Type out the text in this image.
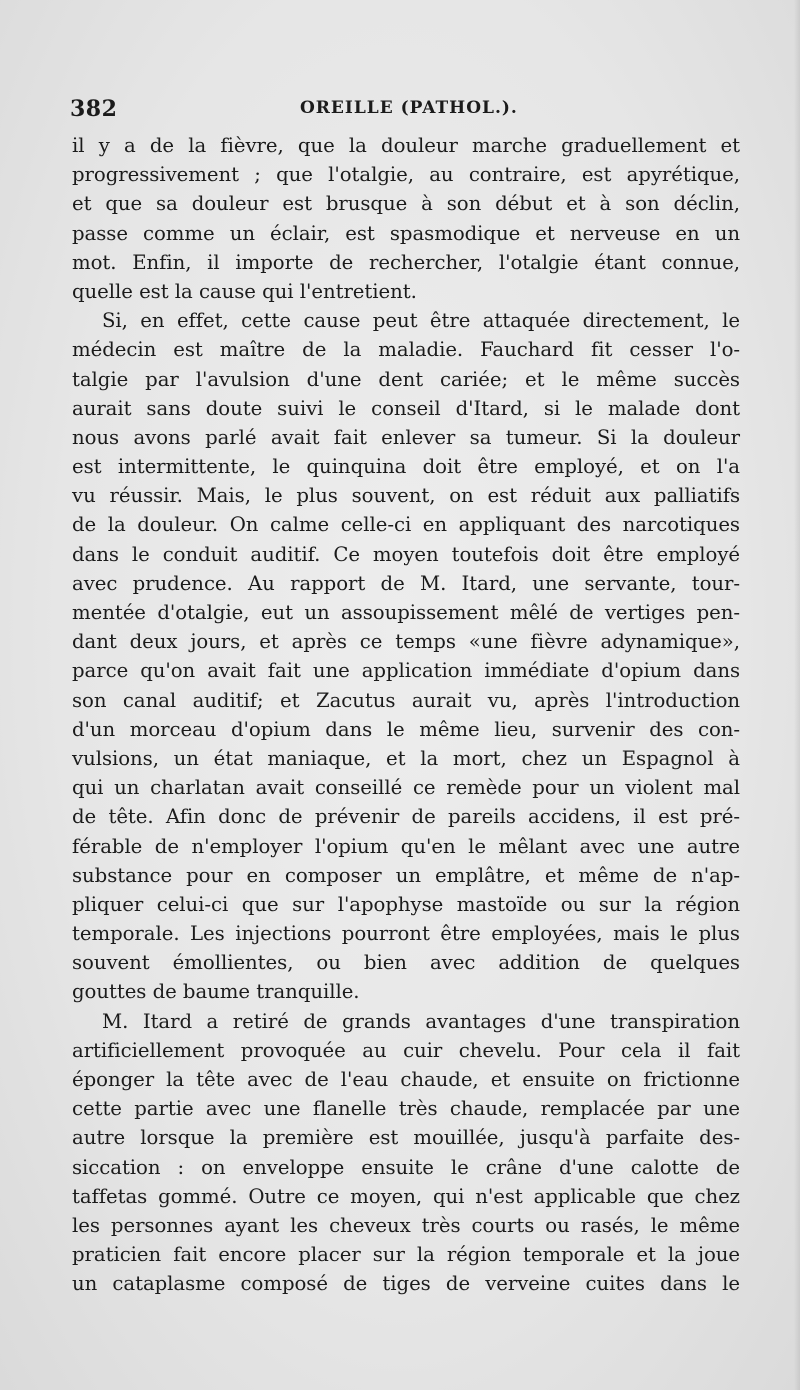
382	OREILLE (PATHOL.).
il y a de la fièvre, que la douleur marche graduellement et
progressivement ; que l'otalgie, au contraire, est apyrétique,
et que sa douleur est brusque à son début et à son déclin,
passe comme un éclair, est spasmodique et nerveuse en un
mot. Enfin, il importe de rechercher, l'otalgie étant connue,
quelle est la cause qui l'entretient.
Si, en effet, cette cause peut être attaquée directement, le
médecin est maître de la maladie. Fauchard fit cesser l'o-
talgie par l'avulsion d'une dent cariée; et le même succès
aurait sans doute suivi le conseil d'Itard, si le malade dont
nous avons parlé avait fait enlever sa tumeur. Si la douleur
est intermittente, le quinquina doit être employé, et on l'a
vu réussir. Mais, le plus souvent, on est réduit aux palliatifs
de la douleur. On calme celle-ci en appliquant des narcotiques
dans le conduit auditif. Ce moyen toutefois doit être employé
avec prudence. Au rapport de M. Itard, une servante, tour-
mentée d'otalgie, eut un assoupissement mêlé de vertiges pen-
dant deux jours, et après ce temps «une fièvre adynamique»,
parce qu'on avait fait une application immédiate d'opium dans
son canal auditif; et Zacutus aurait vu, après l'introduction
d'un morceau d'opium dans le même lieu, survenir des con-
vulsions, un état maniaque, et la mort, chez un Espagnol à
qui un charlatan avait conseillé ce remède pour un violent mal
de tête. Afin donc de prévenir de pareils accidens, il est pré-
férable de n'employer l'opium qu'en le mêlant avec une autre
substance pour en composer un emplâtre, et même de n'ap-
pliquer celui-ci que sur l'apophyse mastoïde ou sur la région
temporale. Les injections pourront être employées, mais le plus
souvent émollientes, ou bien avec addition de quelques
gouttes de baume tranquille.
M. Itard a retiré de grands avantages d'une transpiration
artificiellement provoquée au cuir chevelu. Pour cela il fait
éponger la tête avec de l'eau chaude, et ensuite on frictionne
cette partie avec une flanelle très chaude, remplacée par une
autre lorsque la première est mouillée, jusqu'à parfaite des-
siccation : on enveloppe ensuite le crâne d'une calotte de
taffetas gommé. Outre ce moyen, qui n'est applicable que chez
les personnes ayant les cheveux très courts ou rasés, le même
praticien fait encore placer sur la région temporale et la joue
un cataplasme composé de tiges de verveine cuites dans le
